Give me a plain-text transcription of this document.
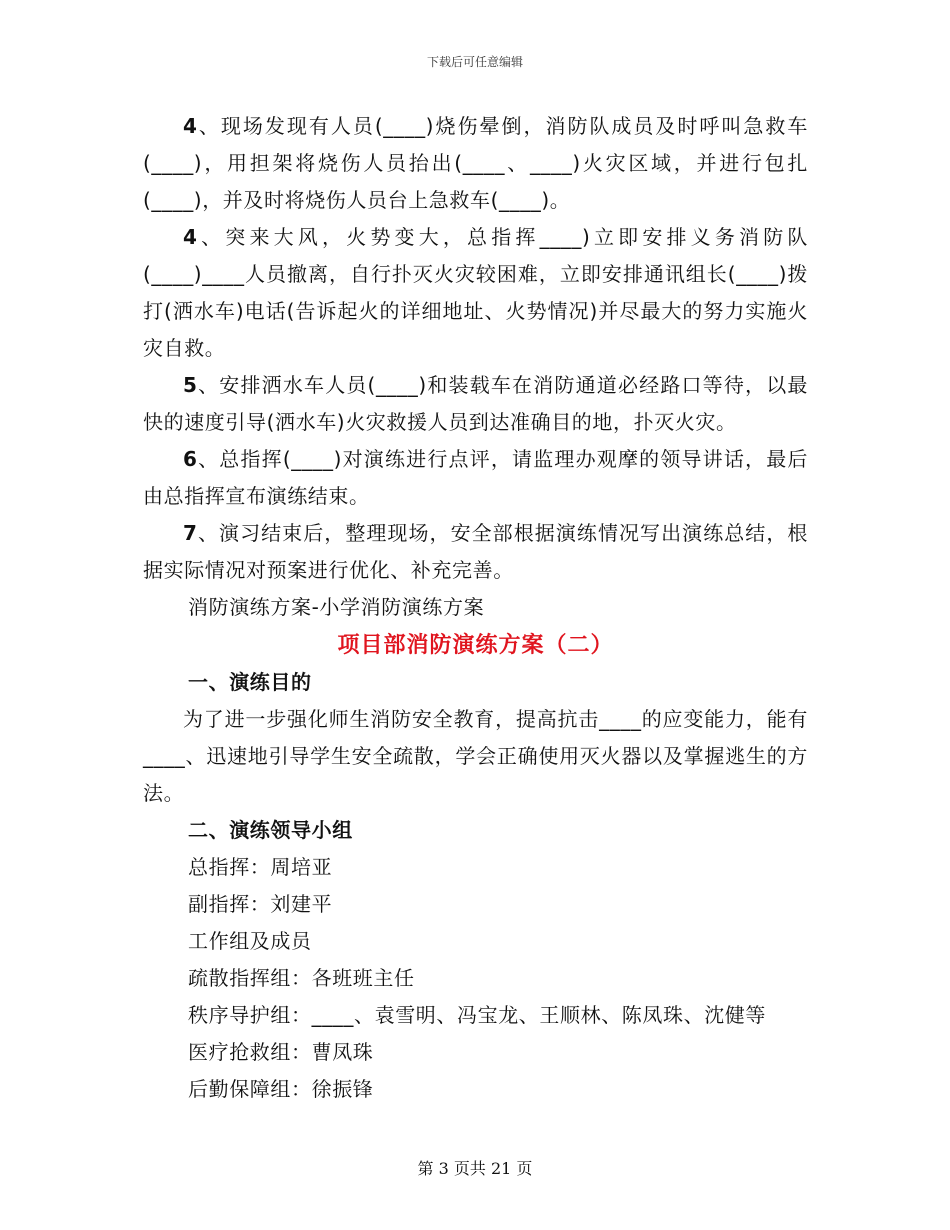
下载后可任意编辑

4、现场发现有人员(____)烧伤晕倒，消防队成员及时呼叫急救车(____)，用担架将烧伤人员抬出(____、____)火灾区域，并进行包扎(____)，并及时将烧伤人员台上急救车(____)。

4、突来大风，火势变大，总指挥____)立即安排义务消防队(____)____人员撤离，自行扑灭火灾较困难，立即安排通讯组长(____)拨打(洒水车)电话(告诉起火的详细地址、火势情况)并尽最大的努力实施火灾自救。

5、安排洒水车人员(____)和装载车在消防通道必经路口等待，以最快的速度引导(洒水车)火灾救援人员到达准确目的地，扑灭火灾。

6、总指挥(____)对演练进行点评，请监理办观摩的领导讲话，最后由总指挥宣布演练结束。

7、演习结束后，整理现场，安全部根据演练情况写出演练总结，根据实际情况对预案进行优化、补充完善。

消防演练方案-小学消防演练方案

项目部消防演练方案（二）

一、演练目的

为了进一步强化师生消防安全教育，提高抗击____的应变能力，能有____、迅速地引导学生安全疏散，学会正确使用灭火器以及掌握逃生的方法。

二、演练领导小组

总指挥：周培亚

副指挥：刘建平

工作组及成员

疏散指挥组：各班班主任

秩序导护组：____、袁雪明、冯宝龙、王顺林、陈凤珠、沈健等

医疗抢救组：曹凤珠

后勤保障组：徐振锋

第 3 页共 21 页
